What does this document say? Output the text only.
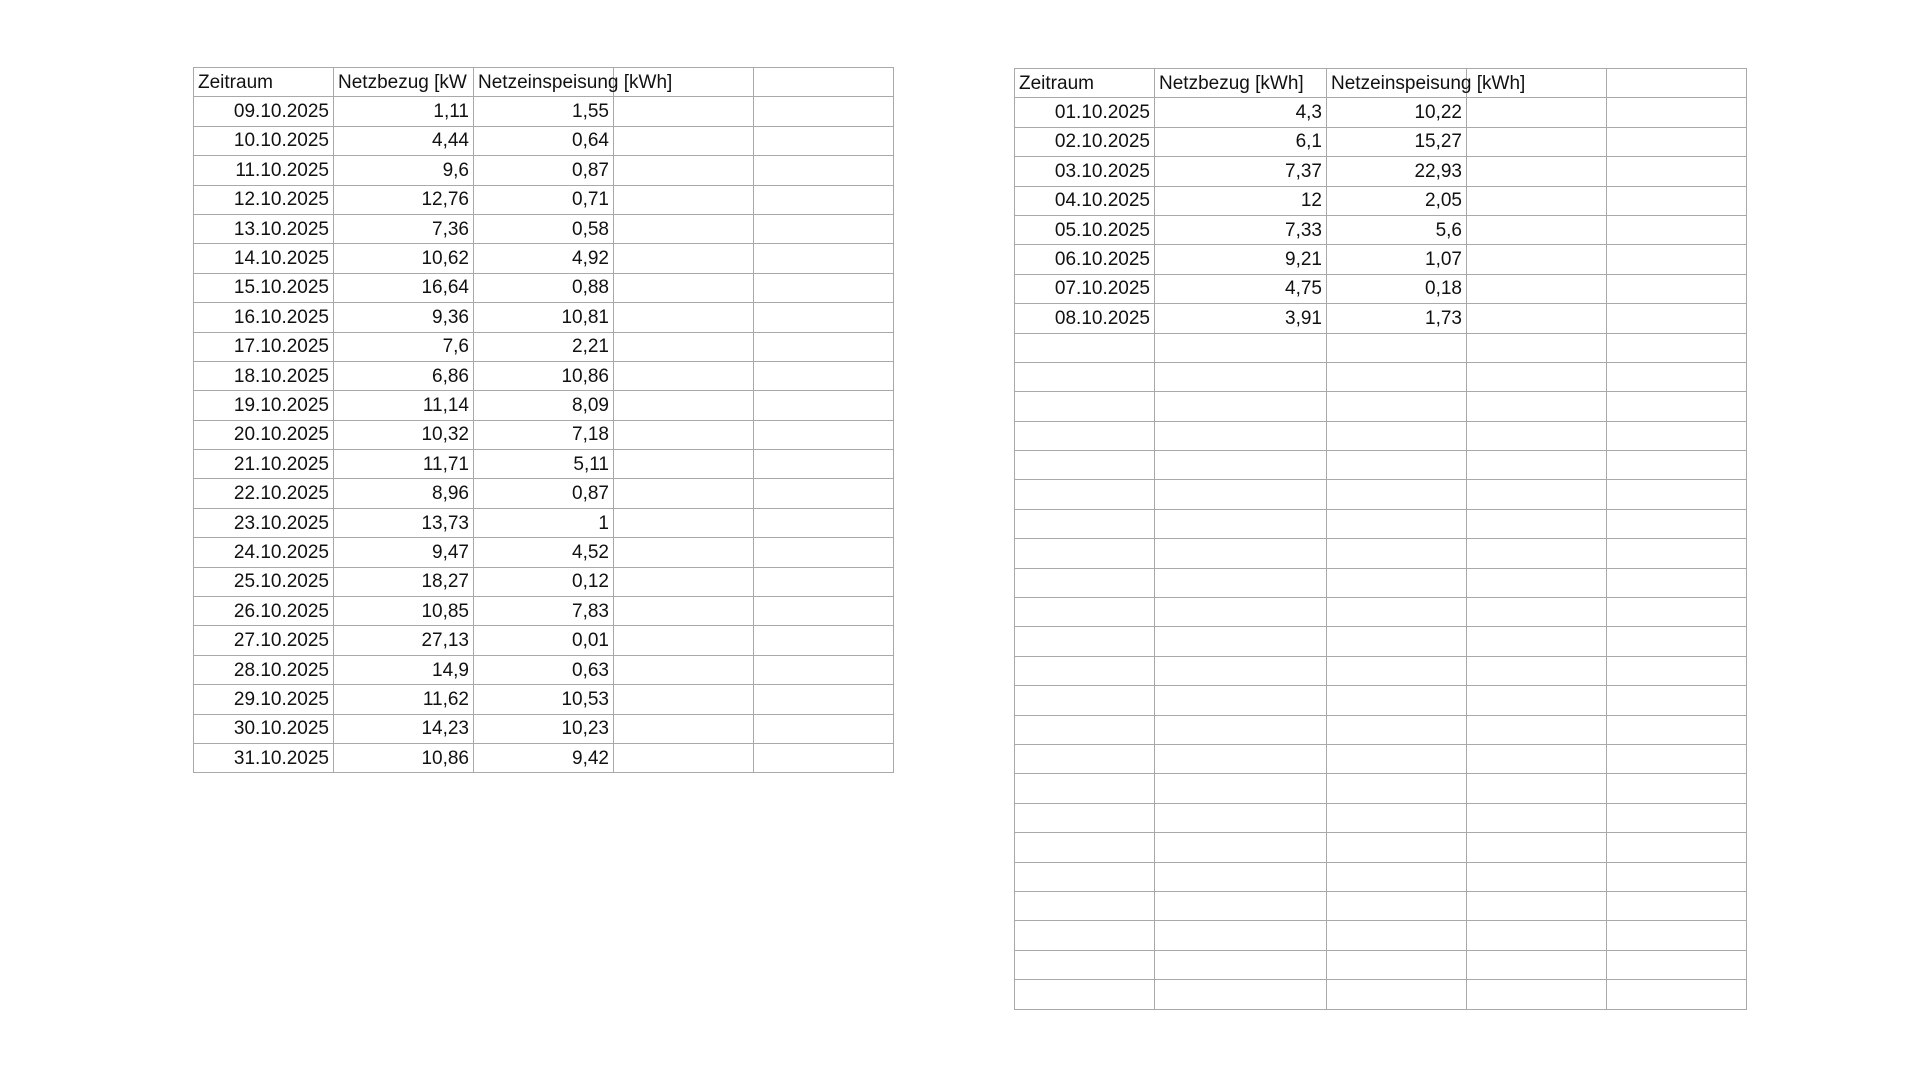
Zeitraum	Netzbezug [kW	Netzeinspeisung [kWh]		
09.10.2025	1,11	1,55		
10.10.2025	4,44	0,64		
11.10.2025	9,6	0,87		
12.10.2025	12,76	0,71		
13.10.2025	7,36	0,58		
14.10.2025	10,62	4,92		
15.10.2025	16,64	0,88		
16.10.2025	9,36	10,81		
17.10.2025	7,6	2,21		
18.10.2025	6,86	10,86		
19.10.2025	11,14	8,09		
20.10.2025	10,32	7,18		
21.10.2025	11,71	5,11		
22.10.2025	8,96	0,87		
23.10.2025	13,73	1		
24.10.2025	9,47	4,52		
25.10.2025	18,27	0,12		
26.10.2025	10,85	7,83		
27.10.2025	27,13	0,01		
28.10.2025	14,9	0,63		
29.10.2025	11,62	10,53		
30.10.2025	14,23	10,23		
31.10.2025	10,86	9,42		
Zeitraum	Netzbezug [kWh]	Netzeinspeisung [kWh]		
01.10.2025	4,3	10,22		
02.10.2025	6,1	15,27		
03.10.2025	7,37	22,93		
04.10.2025	12	2,05		
05.10.2025	7,33	5,6		
06.10.2025	9,21	1,07		
07.10.2025	4,75	0,18		
08.10.2025	3,91	1,73		
